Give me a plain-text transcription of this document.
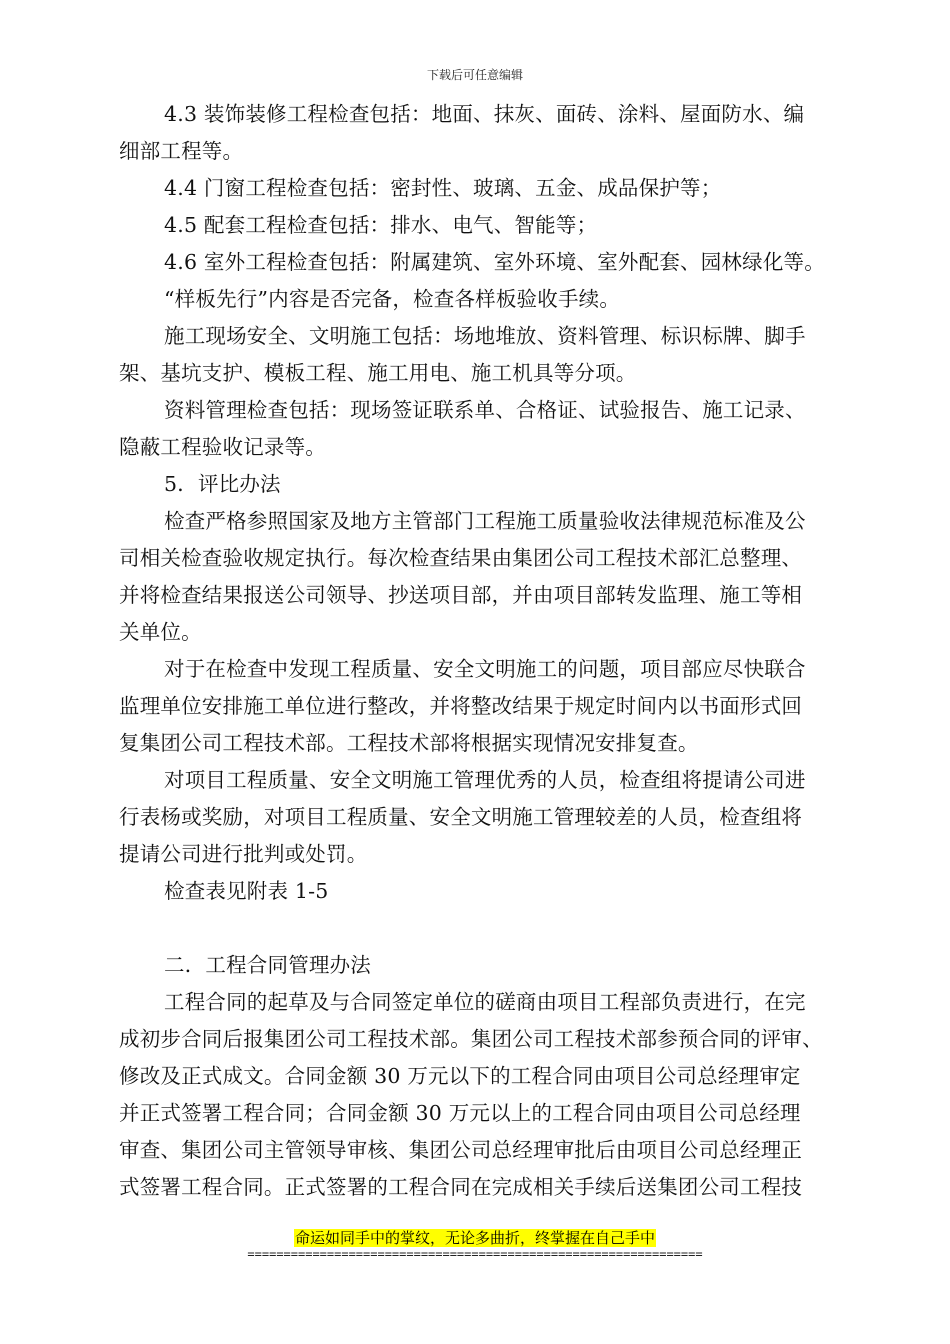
下载后可任意编辑
4.3 装饰装修工程检查包括：地面、抹灰、面砖、涂料、屋面防水、编
细部工程等。
4.4 门窗工程检查包括：密封性、玻璃、五金、成品保护等；
4.5 配套工程检查包括：排水、电气、智能等；
4.6 室外工程检查包括：附属建筑、室外环境、室外配套、园林绿化等。
“样板先行”内容是否完备，检查各样板验收手续。
施工现场安全、文明施工包括：场地堆放、资料管理、标识标牌、脚手
架、基坑支护、模板工程、施工用电、施工机具等分项。
资料管理检查包括：现场签证联系单、合格证、试验报告、施工记录、
隐蔽工程验收记录等。
5．评比办法
检查严格参照国家及地方主管部门工程施工质量验收法律规范标准及公
司相关检查验收规定执行。每次检查结果由集团公司工程技术部汇总整理、
并将检查结果报送公司领导、抄送项目部，并由项目部转发监理、施工等相
关单位。
对于在检查中发现工程质量、安全文明施工的问题，项目部应尽快联合
监理单位安排施工单位进行整改，并将整改结果于规定时间内以书面形式回
复集团公司工程技术部。工程技术部将根据实现情况安排复查。
对项目工程质量、安全文明施工管理优秀的人员，检查组将提请公司进
行表杨或奖励，对项目工程质量、安全文明施工管理较差的人员，检查组将
提请公司进行批判或处罚。
检查表见附表 1-5
二．工程合同管理办法
工程合同的起草及与合同签定单位的磋商由项目工程部负责进行，在完
成初步合同后报集团公司工程技术部。集团公司工程技术部参预合同的评审、
修改及正式成文。合同金额 30 万元以下的工程合同由项目公司总经理审定
并正式签署工程合同；合同金额 30 万元以上的工程合同由项目公司总经理
审查、集团公司主管领导审核、集团公司总经理审批后由项目公司总经理正
式签署工程合同。正式签署的工程合同在完成相关手续后送集团公司工程技
命运如同手中的掌纹，无论多曲折，终掌握在自己手中
===============================================================
